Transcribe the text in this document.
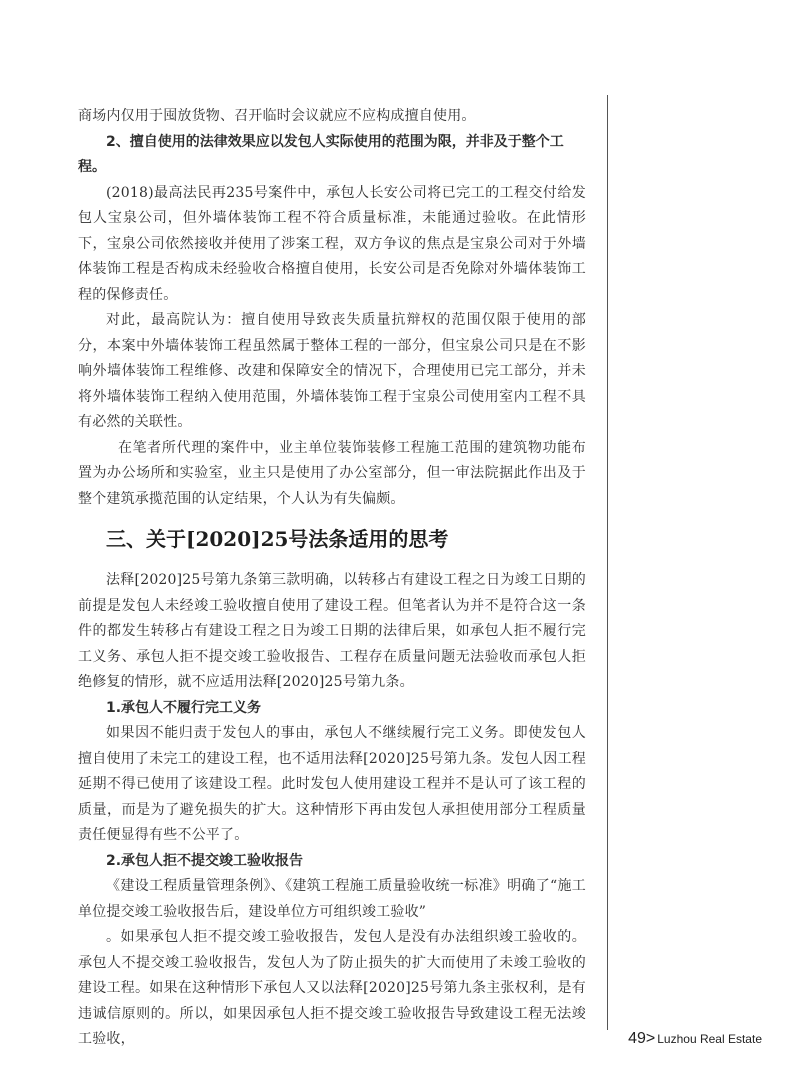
商场内仅用于囤放货物、召开临时会议就应不应构成擅自使用。

2、擅自使用的法律效果应以发包人实际使用的范围为限，并非及于整个工程。

(2018)最高法民再235号案件中，承包人长安公司将已完工的工程交付给发包人宝泉公司，但外墙体装饰工程不符合质量标准，未能通过验收。在此情形下，宝泉公司依然接收并使用了涉案工程，双方争议的焦点是宝泉公司对于外墙体装饰工程是否构成未经验收合格擅自使用，长安公司是否免除对外墙体装饰工程的保修责任。

对此，最高院认为：擅自使用导致丧失质量抗辩权的范围仅限于使用的部分，本案中外墙体装饰工程虽然属于整体工程的一部分，但宝泉公司只是在不影响外墙体装饰工程维修、改建和保障安全的情况下，合理使用已完工部分，并未将外墙体装饰工程纳入使用范围，外墙体装饰工程于宝泉公司使用室内工程不具有必然的关联性。

在笔者所代理的案件中，业主单位装饰装修工程施工范围的建筑物功能布置为办公场所和实验室，业主只是使用了办公室部分，但一审法院据此作出及于整个建筑承揽范围的认定结果，个人认为有失偏颇。

三、关于[2020]25号法条适用的思考

法释[2020]25号第九条第三款明确，以转移占有建设工程之日为竣工日期的前提是发包人未经竣工验收擅自使用了建设工程。但笔者认为并不是符合这一条件的都发生转移占有建设工程之日为竣工日期的法律后果，如承包人拒不履行完工义务、承包人拒不提交竣工验收报告、工程存在质量问题无法验收而承包人拒绝修复的情形，就不应适用法释[2020]25号第九条。

1.承包人不履行完工义务

如果因不能归责于发包人的事由，承包人不继续履行完工义务。即使发包人擅自使用了未完工的建设工程，也不适用法释[2020]25号第九条。发包人因工程延期不得已使用了该建设工程。此时发包人使用建设工程并不是认可了该工程的质量，而是为了避免损失的扩大。这种情形下再由发包人承担使用部分工程质量责任便显得有些不公平了。

2.承包人拒不提交竣工验收报告

《建设工程质量管理条例》、《建筑工程施工质量验收统一标准》明确了“施工单位提交竣工验收报告后，建设单位方可组织竣工验收”

。如果承包人拒不提交竣工验收报告，发包人是没有办法组织竣工验收的。承包人不提交竣工验收报告，发包人为了防止损失的扩大而使用了未竣工验收的建设工程。如果在这种情形下承包人又以法释[2020]25号第九条主张权利，是有违诚信原则的。所以，如果因承包人拒不提交竣工验收报告导致建设工程无法竣工验收，	49> Luzhou Real Estate
